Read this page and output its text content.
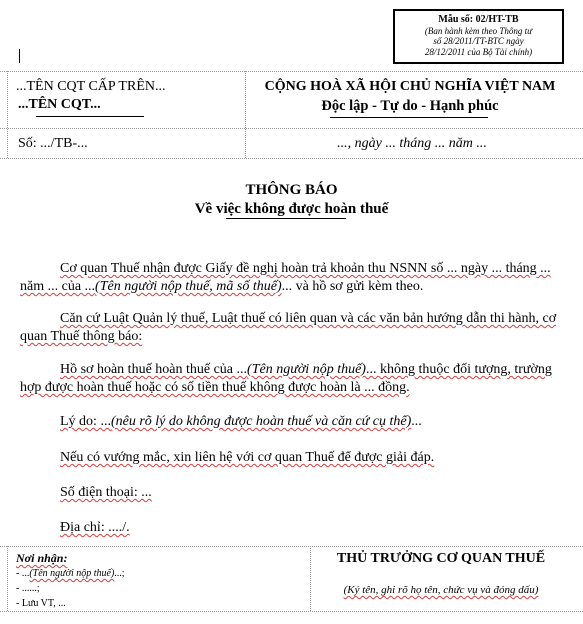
Mẫu số: 02/HT-TB
(Ban hành kèm theo Thông tư
số 28/2011/TT-BTC ngày
28/12/2011 của Bộ Tài chính)
...TÊN CQT CẤP TRÊN...
...TÊN CQT...
CỘNG HOÀ XÃ HỘI CHỦ NGHĨA VIỆT NAM
Độc lập - Tự do - Hạnh phúc
Số: .../TB-...	..., ngày ... tháng ... năm ...
THÔNG BÁO
Về việc không được hoàn thuế
Cơ quan Thuế nhận được Giấy đề nghị hoàn trả khoản thu NSNN số ... ngày ... tháng ... năm ... của ...(Tên người nộp thuế, mã số thuế)... và hồ sơ gửi kèm theo.
Căn cứ Luật Quản lý thuế, Luật thuế có liên quan và các văn bản hướng dẫn thi hành, cơ quan Thuế thông báo:
Hồ sơ hoàn thuế hoàn thuế của ...(Tên người nộp thuế)... không thuộc đối tượng, trường hợp được hoàn thuế hoặc có số tiền thuế không được hoàn là ... đồng.
Lý do: ...(nêu rõ lý do không được hoàn thuế và căn cứ cụ thể)...
Nếu có vướng mắc, xin liên hệ với cơ quan Thuế để được giải đáp.
Số điện thoại: ...
Địa chỉ: ..../.
Nơi nhận:
- ...(Tên người nộp thuế)...;
- ......;
- Lưu VT, ...
THỦ TRƯỞNG CƠ QUAN THUẾ
(Ký tên, ghi rõ họ tên, chức vụ và đóng dấu)
